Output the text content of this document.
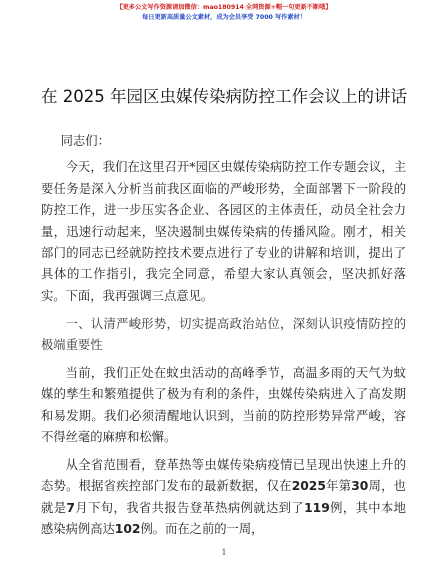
【更多公文写作资源请加微信：mao180914 全网资源+帽一句更新不断哦】
每日更新高质量公文素材，成为会员享受 7000 写作素材！
在 2025 年园区虫媒传染病防控工作会议上的讲话

同志们：

今天，我们在这里召开*园区虫媒传染病防控工作专题会议，主要任务是深入分析当前我区面临的严峻形势，全面部署下一阶段的防控工作，进一步压实各企业、各园区的主体责任，动员全社会力量，迅速行动起来，坚决遏制虫媒传染病的传播风险。刚才，相关部门的同志已经就防控技术要点进行了专业的讲解和培训，提出了具体的工作指引，我完全同意，希望大家认真领会，坚决抓好落实。下面，我再强调三点意见。

一、认清严峻形势，切实提高政治站位，深刻认识疫情防控的极端重要性

当前，我们正处在蚊虫活动的高峰季节，高温多雨的天气为蚊媒的孳生和繁殖提供了极为有利的条件，虫媒传染病进入了高发期和易发期。我们必须清醒地认识到，当前的防控形势异常严峻，容不得丝毫的麻痹和松懈。

从全省范围看，登革热等虫媒传染病疫情已呈现出快速上升的态势。根据省疾控部门发布的最新数据，仅在2025年第30周，也就是7月下旬，我省共报告登革热病例就达到了119例，其中本地感染病例高达102例。而在之前的一周，

1
